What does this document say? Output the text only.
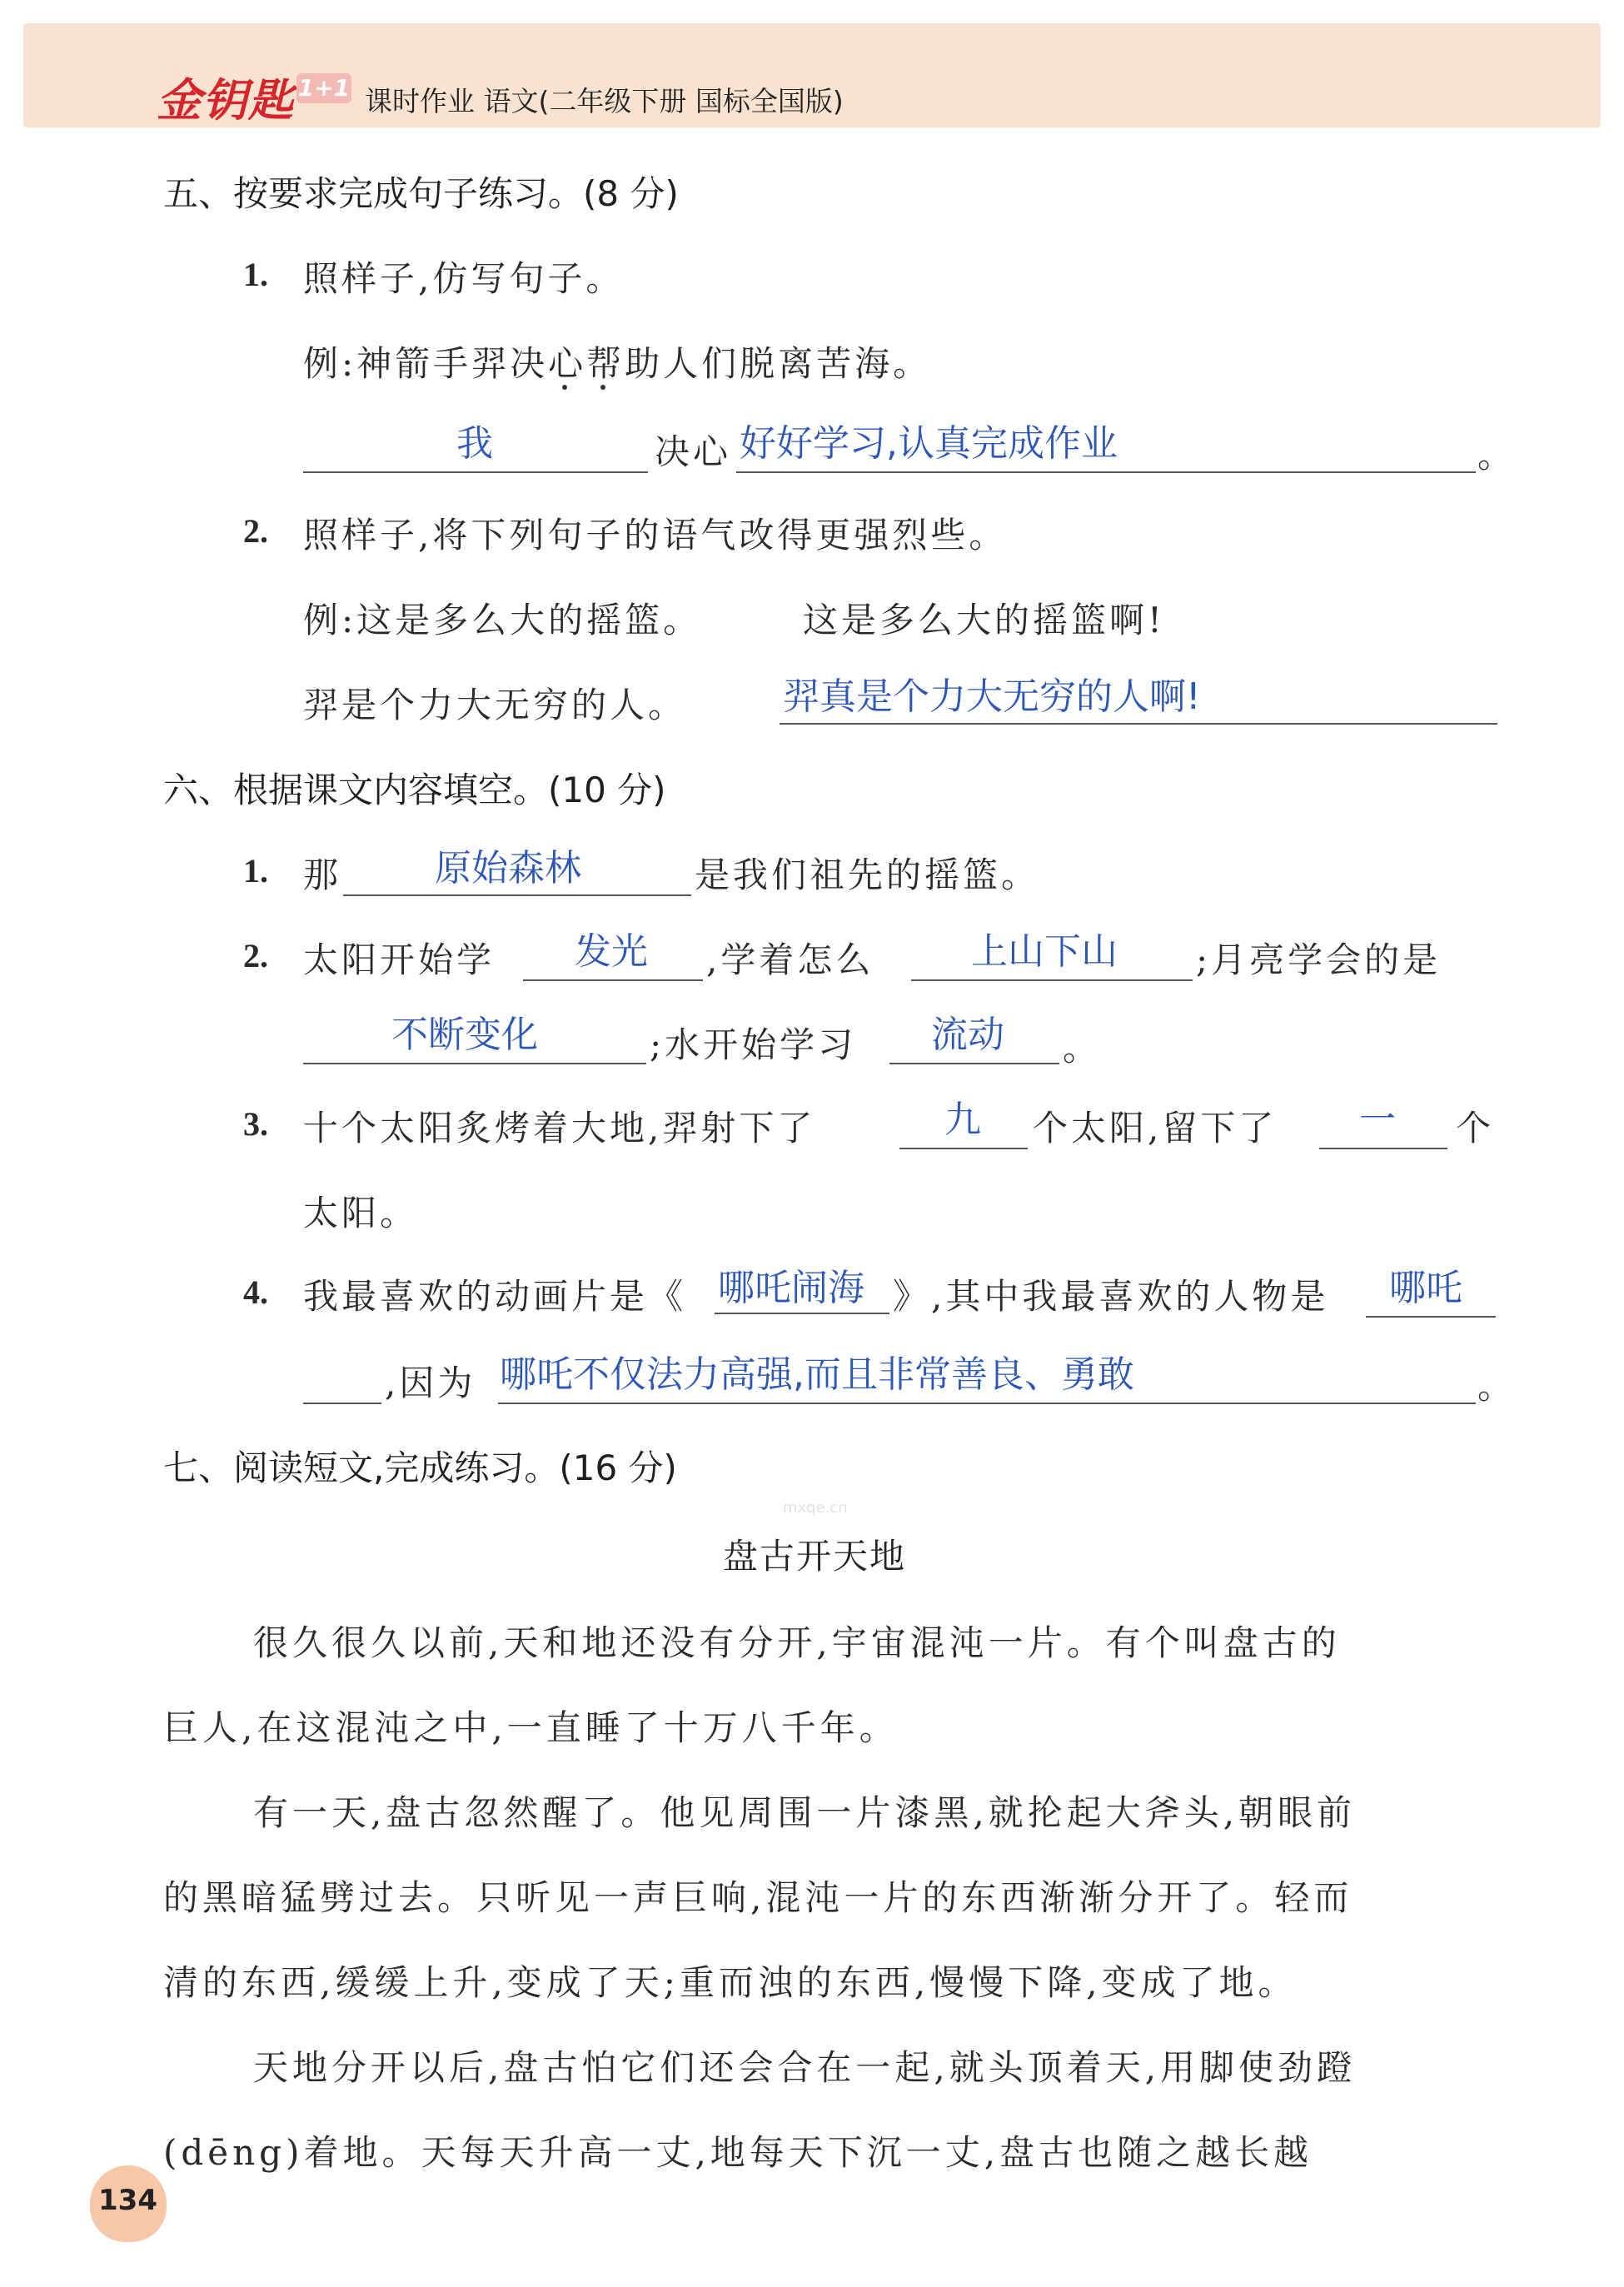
金钥匙 1+1 课时作业 语文(二年级下册 国标全国版)
五、按要求完成句子练习。(8 分)
1. 照样子,仿写句子。
例:神箭手羿决心帮助人们脱离苦海。
我	决心 好好学习,认真完成作业	。
2. 照样子,将下列句子的语气改得更强烈些。
例:这是多么大的摇篮。	这是多么大的摇篮啊!
羿是个力大无穷的人。	羿真是个力大无穷的人啊!
六、根据课文内容填空。(10 分)
1. 那	原始森林	是我们祖先的摇篮。
2. 太阳开始学 发光 ,学着怎么	上山下山 ;月亮学会的是
不断变化	;水开始学习 流动 。
3. 十个太阳炙烤着大地,羿射下了	九 个太阳,留下了 一 个
太阳。
4. 我最喜欢的动画片是《 哪吒闹海 》,其中我最喜欢的人物是 哪吒
,因为 哪吒不仅法力高强,而且非常善良、勇敢	。
七、阅读短文,完成练习。(16 分)
mxqe.cn
盘古开天地
很久很久以前,天和地还没有分开,宇宙混沌一片。有个叫盘古的
巨人,在这混沌之中,一直睡了十万八千年。
有一天,盘古忽然醒了。他见周围一片漆黑,就抡起大斧头,朝眼前
的黑暗猛劈过去。只听见一声巨响,混沌一片的东西渐渐分开了。轻而
清的东西,缓缓上升,变成了天;重而浊的东西,慢慢下降,变成了地。
天地分开以后,盘古怕它们还会合在一起,就头顶着天,用脚使劲蹬
(dēng)着地。天每天升高一丈,地每天下沉一丈,盘古也随之越长越
134
